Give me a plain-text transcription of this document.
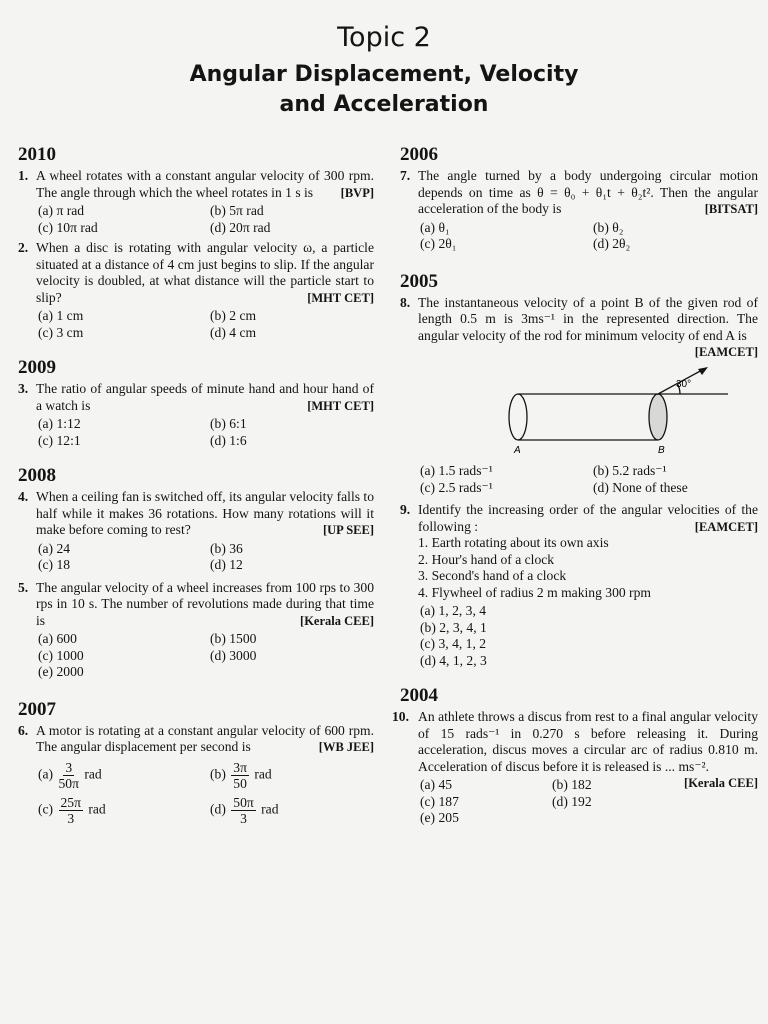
Topic 2
Angular Displacement, Velocity
and Acceleration
2010
1. A wheel rotates with a constant angular velocity of 300 rpm. The angle through which the wheel rotates in 1 s is [BVP]
(a) π rad	(b) 5π rad
(c) 10π rad	(d) 20π rad
2. When a disc is rotating with angular velocity ω, a particle situated at a distance of 4 cm just begins to slip. If the angular velocity is doubled, at what distance will the particle start to slip?	[MHT CET]
(a) 1 cm	(b) 2 cm
(c) 3 cm	(d) 4 cm
2009
3. The ratio of angular speeds of minute hand and hour hand of a watch is	[MHT CET]
(a) 1:12	(b) 6:1
(c) 12:1	(d) 1:6
2008
4. When a ceiling fan is switched off, its angular velocity falls to half while it makes 36 rotations. How many rotations will it make before coming to rest?	[UP SEE]
(a) 24	(b) 36
(c) 18	(d) 12
5. The angular velocity of a wheel increases from 100 rps to 300 rps in 10 s. The number of revolutions made during that time is	[Kerala CEE]
(a) 600	(b) 1500
(c) 1000	(d) 3000
(e) 2000
2007
6. A motor is rotating at a constant angular velocity of 600 rpm. The angular displacement per second is	[WB JEE]
$(a) \frac{3}{50\pi}$ rad	$(b) \frac{3\pi}{50}$ rad
$(c) \frac{25\pi}{3}$ rad	$(d) \frac{50\pi}{3}$ rad
2006
7. The angle turned by a body undergoing circular motion depends on time as θ = θ₀ + θ₁t + θ₂t². Then the angular acceleration of the body is	[BITSAT]
(a) θ₁	(b) θ₂
(c) 2θ₁	(d) 2θ₂
2005
8. The instantaneous velocity of a point B of the given rod of length 0.5 m is 3ms⁻¹ in the represented direction. The angular velocity of the rod for minimum velocity of end A is
[EAMCET]
30°
A	B
(a) 1.5 rads⁻¹	(b) 5.2 rads⁻¹
(c) 2.5 rads⁻¹	(d) None of these
9. Identify the increasing order of the angular velocities of the following :	[EAMCET]
1. Earth rotating about its own axis
2. Hour's hand of a clock
3. Second's hand of a clock
4. Flywheel of radius 2 m making 300 rpm
(a) 1, 2, 3, 4
(b) 2, 3, 4, 1
(c) 3, 4, 1, 2
(d) 4, 1, 2, 3
2004
10. An athlete throws a discus from rest to a final angular velocity of 15 rads⁻¹ in 0.270 s before releasing it. During acceleration, discus moves a circular arc of radius 0.810 m. Acceleration of discus before it is released is ... ms⁻².
[Kerala CEE]
(a) 45	(b) 182
(c) 187	(d) 192
(e) 205
